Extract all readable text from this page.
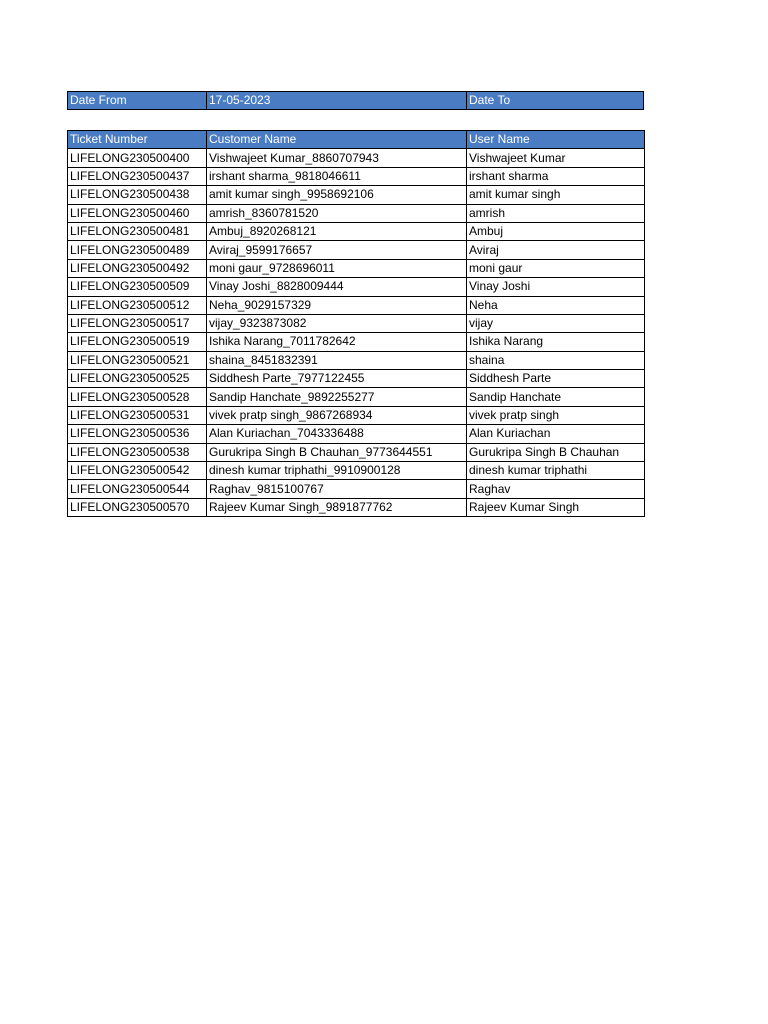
Date From	17-05-2023	Date To
Ticket Number	Customer Name	User Name
LIFELONG230500400	Vishwajeet Kumar_8860707943	Vishwajeet Kumar
LIFELONG230500437	irshant sharma_9818046611	irshant sharma
LIFELONG230500438	amit kumar singh_9958692106	amit kumar singh
LIFELONG230500460	amrish_8360781520	amrish
LIFELONG230500481	Ambuj_8920268121	Ambuj
LIFELONG230500489	Aviraj_9599176657	Aviraj
LIFELONG230500492	moni gaur_9728696011	moni gaur
LIFELONG230500509	Vinay Joshi_8828009444	Vinay Joshi
LIFELONG230500512	Neha_9029157329	Neha
LIFELONG230500517	vijay_9323873082	vijay
LIFELONG230500519	Ishika Narang_7011782642	Ishika Narang
LIFELONG230500521	shaina_8451832391	shaina
LIFELONG230500525	Siddhesh Parte_7977122455	Siddhesh Parte
LIFELONG230500528	Sandip Hanchate_9892255277	Sandip Hanchate
LIFELONG230500531	vivek pratp singh_9867268934	vivek pratp singh
LIFELONG230500536	Alan Kuriachan_7043336488	Alan Kuriachan
LIFELONG230500538	Gurukripa Singh B Chauhan_9773644551	Gurukripa Singh B Chauhan
LIFELONG230500542	dinesh kumar triphathi_9910900128	dinesh kumar triphathi
LIFELONG230500544	Raghav_9815100767	Raghav
LIFELONG230500570	Rajeev Kumar Singh_9891877762	Rajeev Kumar Singh
